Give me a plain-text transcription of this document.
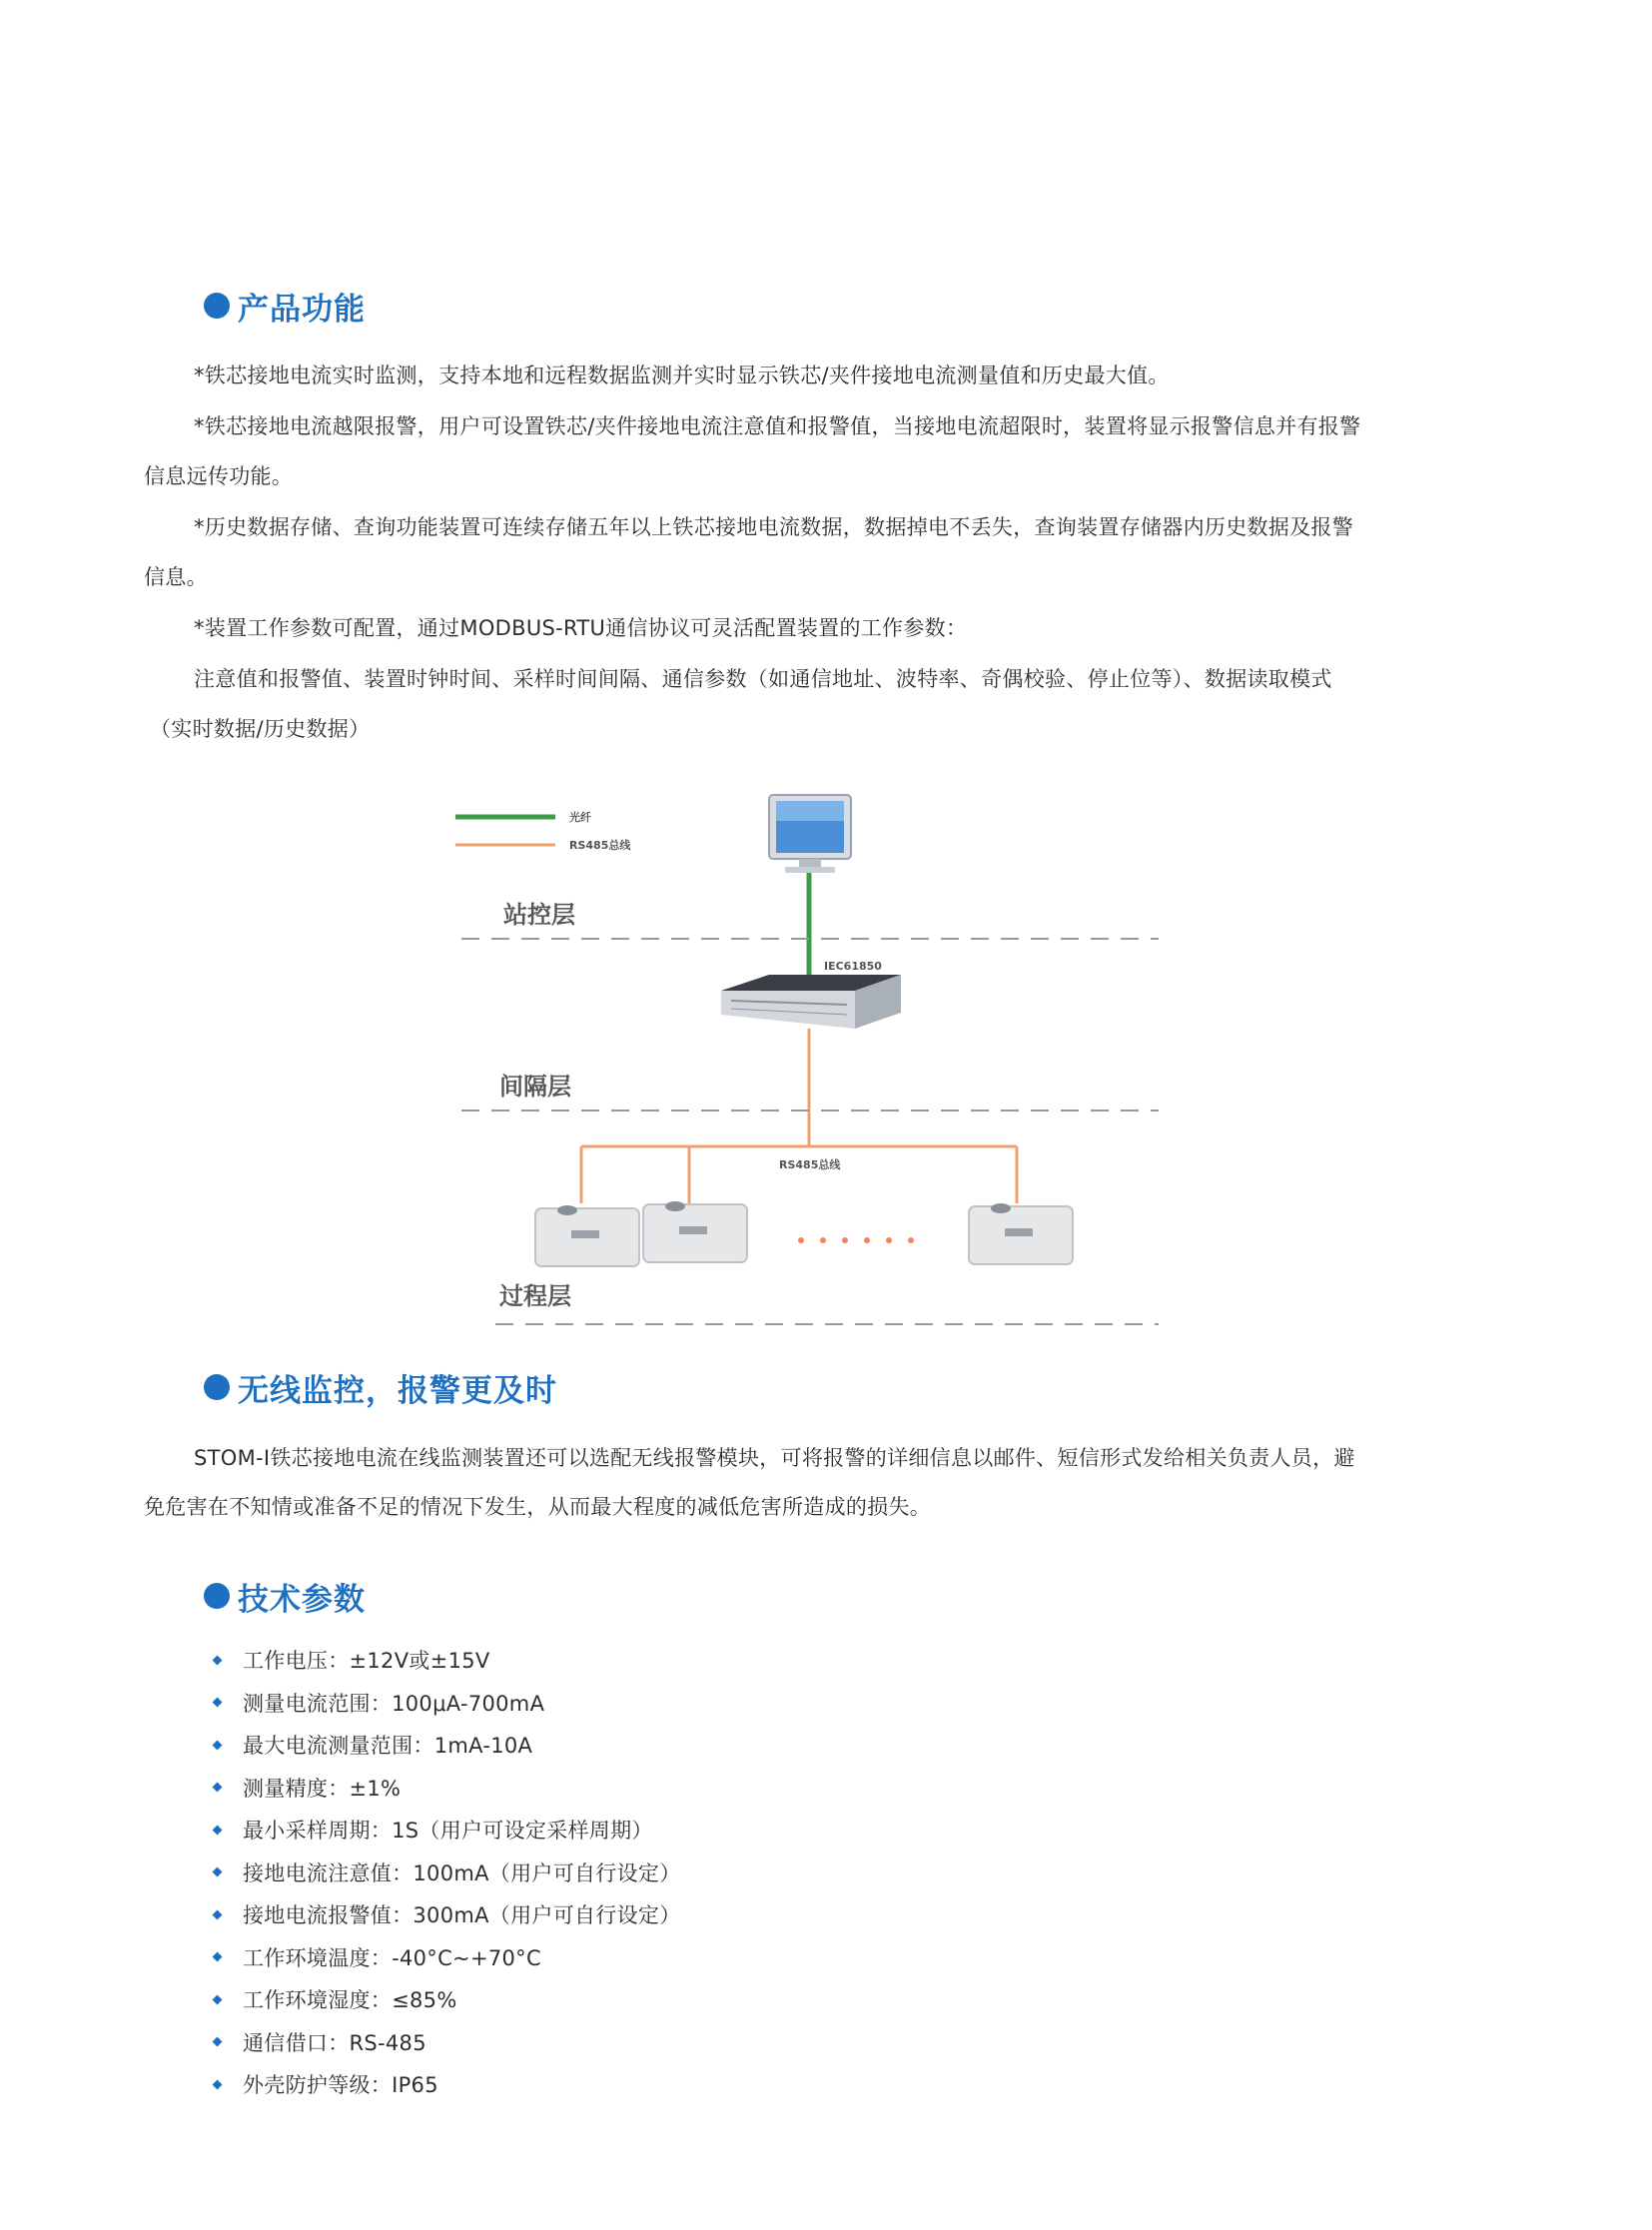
产品功能
*铁芯接地电流实时监测，支持本地和远程数据监测并实时显示铁芯/夹件接地电流测量值和历史最大值。
*铁芯接地电流越限报警，用户可设置铁芯/夹件接地电流注意值和报警值，当接地电流超限时，装置将显示报警信息并有报警
信息远传功能。
*历史数据存储、查询功能装置可连续存储五年以上铁芯接地电流数据，数据掉电不丢失，查询装置存储器内历史数据及报警
信息。
*装置工作参数可配置，通过MODBUS-RTU通信协议可灵活配置装置的工作参数：
注意值和报警值、装置时钟时间、采样时间间隔、通信参数（如通信地址、波特率、奇偶校验、停止位等）、数据读取模式
（实时数据/历史数据）
光纤
RS485总线
IEC61850
站控层
间隔层
RS485总线
过程层
无线监控，报警更及时
STOM-I铁芯接地电流在线监测装置还可以选配无线报警模块，可将报警的详细信息以邮件、短信形式发给相关负责人员，避
免危害在不知情或准备不足的情况下发生，从而最大程度的减低危害所造成的损失。
技术参数
工作电压：±12V或±15V
测量电流范围：100μA-700mA
最大电流测量范围：1mA-10A
测量精度：±1%
最小采样周期：1S（用户可设定采样周期）
接地电流注意值：100mA（用户可自行设定）
接地电流报警值：300mA（用户可自行设定）
工作环境温度：-40°C~+70°C
工作环境湿度：≤85%
通信借口：RS-485
外壳防护等级：IP65
